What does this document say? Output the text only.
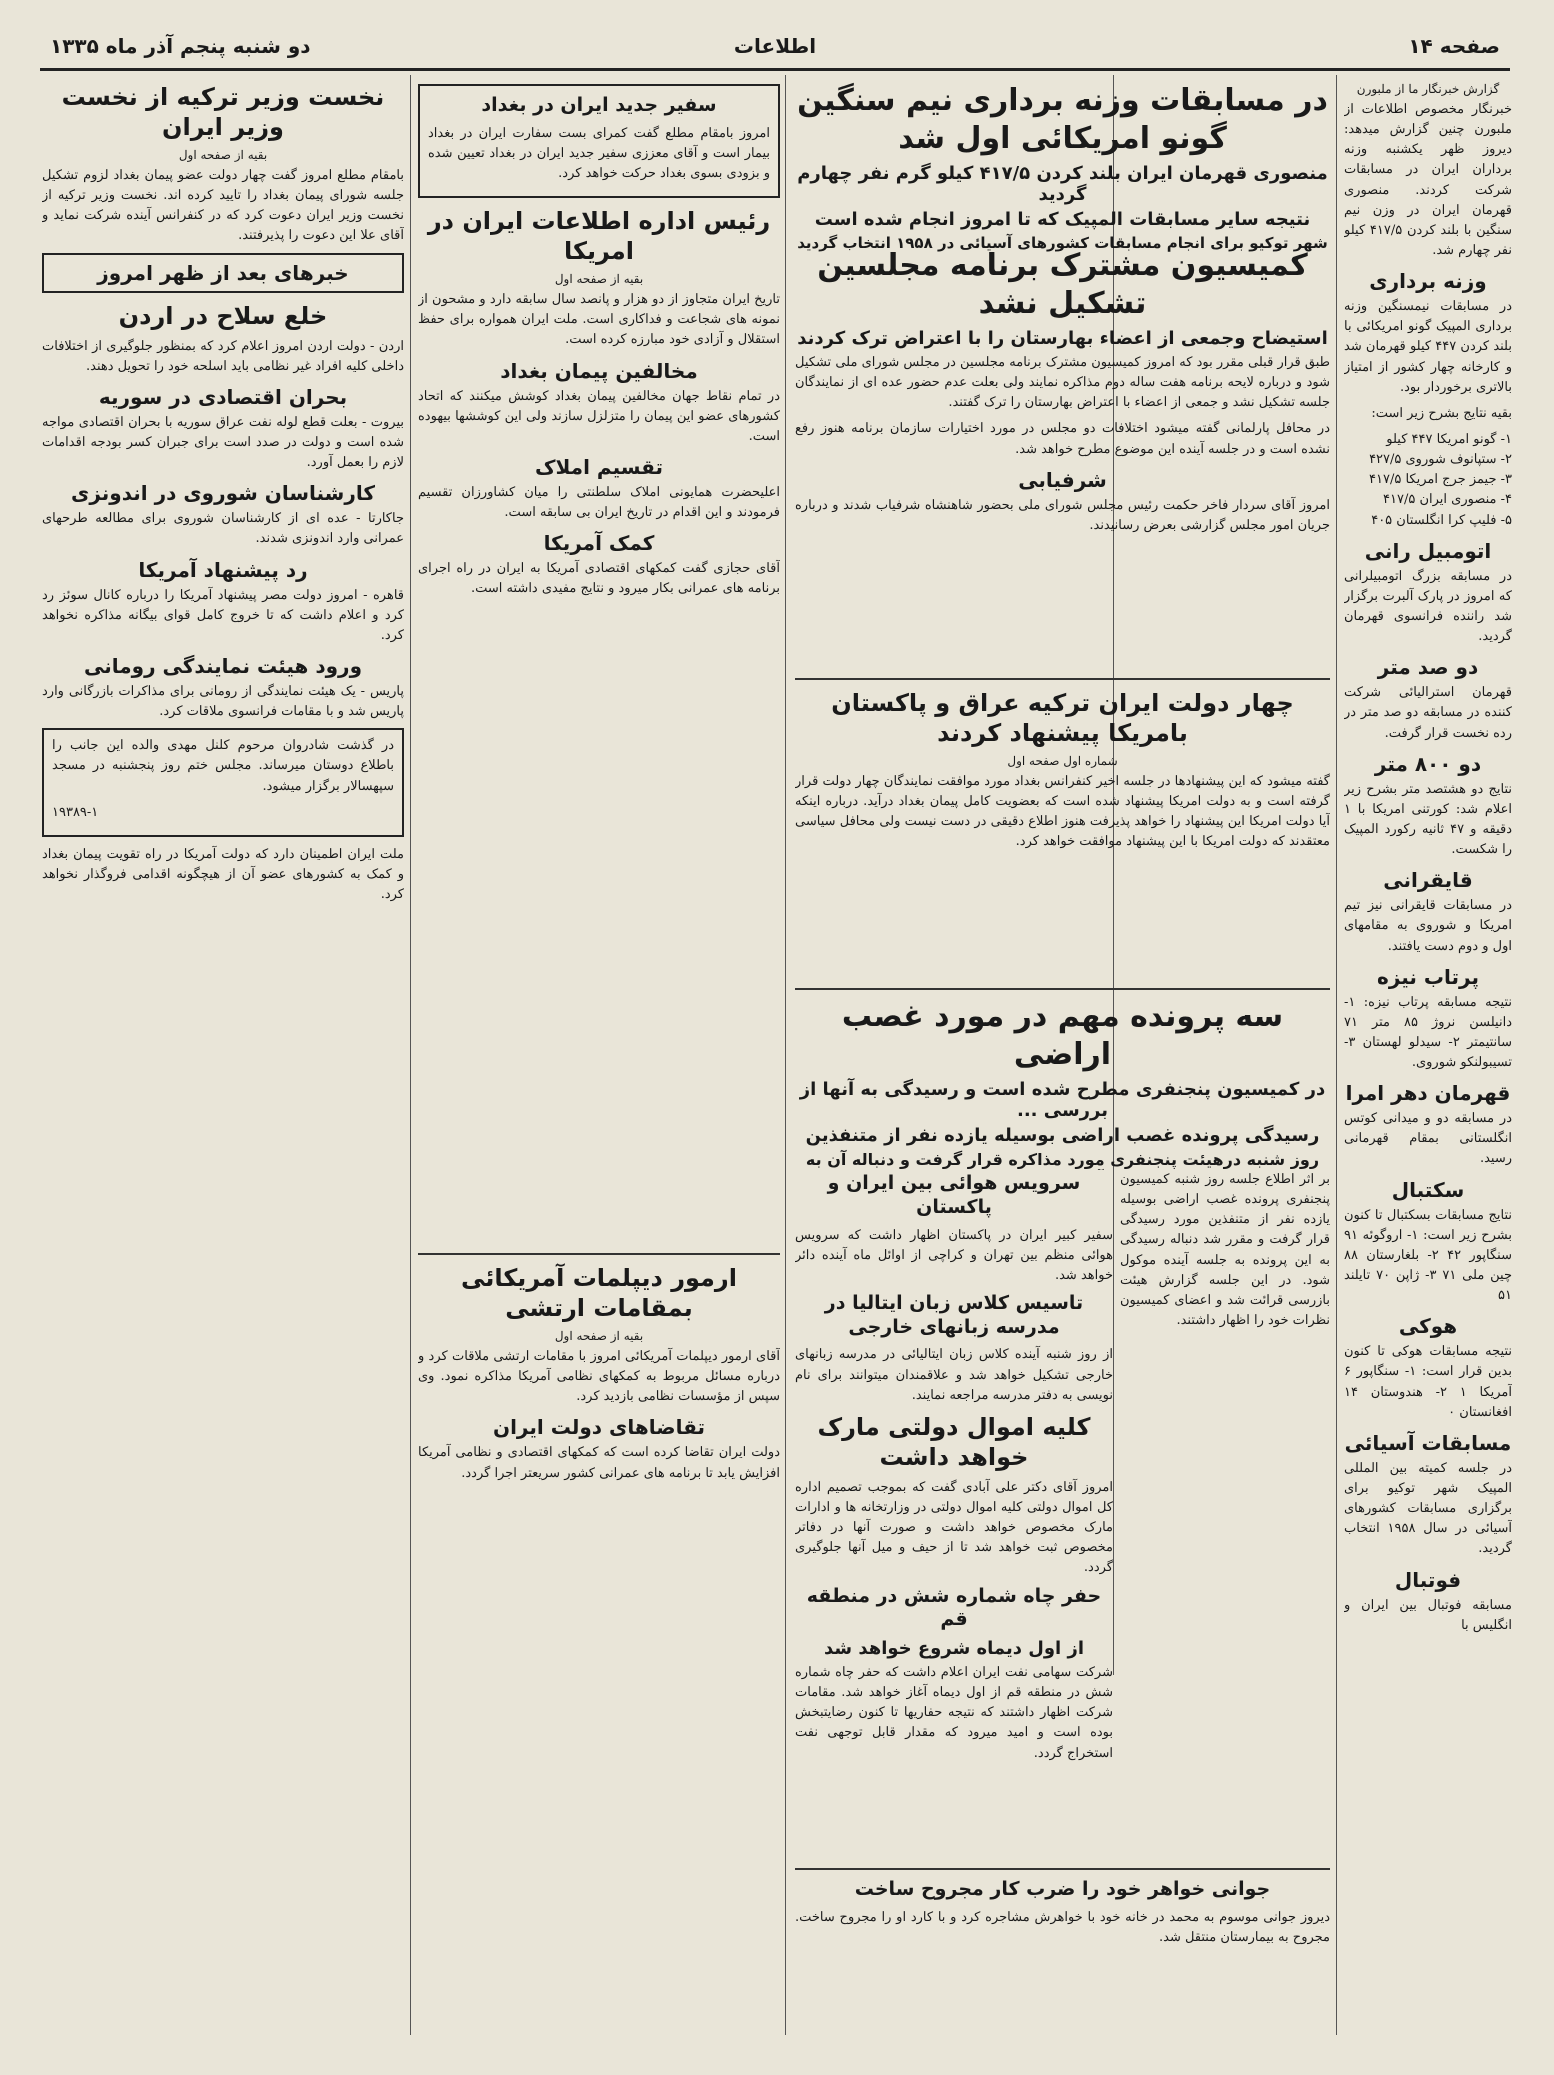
صفحه ۱۴
اطلاعات
دو شنبه پنجم آذر ماه ۱۳۳۵
گزارش خبرنگار ما از ملبورن
خبرنگار مخصوص اطلاعات از ملبورن چنین گزارش میدهد: دیروز ظهر یکشنبه وزنه برداران ایران در مسابقات شرکت کردند. منصوری قهرمان ایران در وزن نیم سنگین با بلند کردن ۴۱۷/۵ کیلو نفر چهارم شد.
وزنه برداری
در مسابقات نیمسنگین وزنه برداری المپیک گونو امریکائی با بلند کردن ۴۴۷ کیلو قهرمان شد و کارخانه چهار کشور از امتیاز بالاتری برخوردار بود.
بقیه نتایج بشرح زیر است:
۱- گونو امریکا ۴۴۷ کیلو
۲- ستپانوف شوروی ۴۲۷/۵
۳- جیمز جرج امریکا ۴۱۷/۵
۴- منصوری ایران ۴۱۷/۵
۵- فلیپ کرا انگلستان ۴۰۵
اتومبیل رانی
در مسابقه بزرگ اتومبیلرانی که امروز در پارک آلبرت برگزار شد راننده فرانسوی قهرمان گردید.
دو صد متر
قهرمان استرالیائی شرکت کننده در مسابقه دو صد متر در رده نخست قرار گرفت.
دو ۸۰۰ متر
نتایج دو هشتصد متر بشرح زیر اعلام شد: کورتنی امریکا با ۱ دقیقه و ۴۷ ثانیه رکورد المپیک را شکست.
قایقرانی
در مسابقات قایقرانی نیز تیم امریکا و شوروی به مقامهای اول و دوم دست یافتند.
پرتاب نیزه
نتیجه مسابقه پرتاب نیزه: ۱- دانیلسن نروژ ۸۵ متر ۷۱ سانتیمتر ۲- سیدلو لهستان ۳- تسیبولنکو شوروی.
قهرمان دهر امرا
در مسابقه دو و میدانی کوتس انگلستانی بمقام قهرمانی رسید.
سکتبال
نتایج مسابقات بسکتبال تا کنون بشرح زیر است: ۱- اروگوئه ۹۱ سنگاپور ۴۲ ۲- بلغارستان ۸۸ چین ملی ۷۱ ۳- ژاپن ۷۰ تایلند ۵۱
هوکی
نتیجه مسابقات هوکی تا کنون بدین قرار است: ۱- سنگاپور ۶ آمریکا ۱ ۲- هندوستان ۱۴ افغانستان ۰
مسابقات آسیائی
در جلسه کمیته بین المللی المپیک شهر توکیو برای برگزاری مسابقات کشورهای آسیائی در سال ۱۹۵۸ انتخاب گردید.
فوتبال
مسابقه فوتبال بین ایران و انگلیس با
در مسابقات وزنه برداری نیم سنگین گونو امریکائی اول شد
منصوری قهرمان ایران بلند کردن ۴۱۷/۵ کیلو گرم نفر چهارم گردید
نتیجه سایر مسابقات المپیک که تا امروز انجام شده است
شهر توکیو برای انجام مسابقات کشورهای آسیائی در ۱۹۵۸ انتخاب گردید
کمیسیون مشترک برنامه مجلسین تشکیل نشد
استیضاح وجمعی از اعضاء بهارستان را با اعتراض ترک کردند
طبق قرار قبلی مقرر بود که امروز کمیسیون مشترک برنامه مجلسین در مجلس شورای ملی تشکیل شود و درباره لایحه برنامه هفت ساله دوم مذاکره نمایند ولی بعلت عدم حضور عده ای از نمایندگان جلسه تشکیل نشد و جمعی از اعضاء با اعتراض بهارستان را ترک گفتند.
در محافل پارلمانی گفته میشود اختلافات دو مجلس در مورد اختیارات سازمان برنامه هنوز رفع نشده است و در جلسه آینده این موضوع مطرح خواهد شد.
شرفیابی
امروز آقای سردار فاخر حکمت رئیس مجلس شورای ملی بحضور شاهنشاه شرفیاب شدند و درباره جریان امور مجلس گزارشی بعرض رسانیدند.
چهار دولت ایران ترکیه عراق و پاکستان بامریکا پیشنهاد کردند
شماره اول صفحه اول
گفته میشود که این پیشنهادها در جلسه اخیر کنفرانس بغداد مورد موافقت نمایندگان چهار دولت قرار گرفته است و به دولت امریکا پیشنهاد شده است که بعضویت کامل پیمان بغداد درآید. درباره اینکه آیا دولت امریکا این پیشنهاد را خواهد پذیرفت هنوز اطلاع دقیقی در دست نیست ولی محافل سیاسی معتقدند که دولت امریکا با این پیشنهاد موافقت خواهد کرد.
سه پرونده مهم در مورد غصب اراضی
در کمیسیون پنجنفری مطرح شده است و رسیدگی به آنها از بررسی ...
رسیدگی پرونده غصب اراضی بوسیله یازده نفر از متنفذین
روز شنبه درهیئت پنجنفری مورد مذاکره قرار گرفت و دنباله آن به
بر اثر اطلاع جلسه روز شنبه کمیسیون پنجنفری پرونده غصب اراضی بوسیله یازده نفر از متنفذین مورد رسیدگی قرار گرفت و مقرر شد دنباله رسیدگی به این پرونده به جلسه آینده موکول شود. در این جلسه گزارش هیئت بازرسی قرائت شد و اعضای کمیسیون نظرات خود را اظهار داشتند.
سرویس هوائی بین ایران و پاکستان
سفیر کبیر ایران در پاکستان اظهار داشت که سرویس هوائی منظم بین تهران و کراچی از اوائل ماه آینده دائر خواهد شد.
تاسیس کلاس زبان ایتالیا در مدرسه زبانهای خارجی
از روز شنبه آینده کلاس زبان ایتالیائی در مدرسه زبانهای خارجی تشکیل خواهد شد و علاقمندان میتوانند برای نام نویسی به دفتر مدرسه مراجعه نمایند.
کلیه اموال دولتی مارک خواهد داشت
امروز آقای دکتر علی آبادی گفت که بموجب تصمیم اداره کل اموال دولتی کلیه اموال دولتی در وزارتخانه ها و ادارات مارک مخصوص خواهد داشت و صورت آنها در دفاتر مخصوص ثبت خواهد شد تا از حیف و میل آنها جلوگیری گردد.
حفر چاه شماره شش در منطقه قم
از اول دیماه شروع خواهد شد
شرکت سهامی نفت ایران اعلام داشت که حفر چاه شماره شش در منطقه قم از اول دیماه آغاز خواهد شد. مقامات شرکت اظهار داشتند که نتیجه حفاریها تا کنون رضایتبخش بوده است و امید میرود که مقدار قابل توجهی نفت استخراج گردد.
جوانی خواهر خود را ضرب کار مجروح ساخت
دیروز جوانی موسوم به محمد در خانه خود با خواهرش مشاجره کرد و با کارد او را مجروح ساخت. مجروح به بیمارستان منتقل شد.
سفیر جدید ایران در بغداد
امروز بامقام مطلع گفت کمرای بست سفارت ایران در بغداد بیمار است و آقای معززی سفیر جدید ایران در بغداد تعیین شده و بزودی بسوی بغداد حرکت خواهد کرد.
رئیس اداره اطلاعات ایران در امریکا
بقیه از صفحه اول
تاریخ ایران متجاوز از دو هزار و پانصد سال سابقه دارد و مشحون از نمونه های شجاعت و فداکاری است. ملت ایران همواره برای حفظ استقلال و آزادی خود مبارزه کرده است.
مخالفین پیمان بغداد
در تمام نقاط جهان مخالفین پیمان بغداد کوشش میکنند که اتحاد کشورهای عضو این پیمان را متزلزل سازند ولی این کوششها بیهوده است.
تقسیم املاک
اعلیحضرت همایونی املاک سلطنتی را میان کشاورزان تقسیم فرمودند و این اقدام در تاریخ ایران بی سابقه است.
کمک آمریکا
آقای حجازی گفت کمکهای اقتصادی آمریکا به ایران در راه اجرای برنامه های عمرانی بکار میرود و نتایج مفیدی داشته است.
ارمور دیپلمات آمریکائی بمقامات ارتشی
بقیه از صفحه اول
آقای ارمور دیپلمات آمریکائی امروز با مقامات ارتشی ملاقات کرد و درباره مسائل مربوط به کمکهای نظامی آمریکا مذاکره نمود. وی سپس از مؤسسات نظامی بازدید کرد.
تقاضاهای دولت ایران
دولت ایران تقاضا کرده است که کمکهای اقتصادی و نظامی آمریکا افزایش یابد تا برنامه های عمرانی کشور سریعتر اجرا گردد.
نخست وزیر ترکیه از نخست وزیر ایران
بقیه از صفحه اول
بامقام مطلع امروز گفت چهار دولت عضو پیمان بغداد لزوم تشکیل جلسه شورای پیمان بغداد را تایید کرده اند. نخست وزیر ترکیه از نخست وزیر ایران دعوت کرد که در کنفرانس آینده شرکت نماید و آقای علا این دعوت را پذیرفتند.
خبرهای بعد از ظهر امروز
خلع سلاح در اردن
اردن - دولت اردن امروز اعلام کرد که بمنظور جلوگیری از اختلافات داخلی کلیه افراد غیر نظامی باید اسلحه خود را تحویل دهند.
بحران اقتصادی در سوریه
بیروت - بعلت قطع لوله نفت عراق سوریه با بحران اقتصادی مواجه شده است و دولت در صدد است برای جبران کسر بودجه اقدامات لازم را بعمل آورد.
کارشناسان شوروی در اندونزی
جاکارتا - عده ای از کارشناسان شوروی برای مطالعه طرحهای عمرانی وارد اندونزی شدند.
رد پیشنهاد آمریکا
قاهره - امروز دولت مصر پیشنهاد آمریکا را درباره کانال سوئز رد کرد و اعلام داشت که تا خروج کامل قوای بیگانه مذاکره نخواهد کرد.
ورود هیئت نمایندگی رومانی
پاریس - یک هیئت نمایندگی از رومانی برای مذاکرات بازرگانی وارد پاریس شد و با مقامات فرانسوی ملاقات کرد.
در گذشت شادروان مرحوم کلنل مهدی والده این جانب را باطلاع دوستان میرساند. مجلس ختم روز پنجشنبه در مسجد سپهسالار برگزار میشود.
۱۹۳۸۹-۱
ملت ایران اطمینان دارد که دولت آمریکا در راه تقویت پیمان بغداد و کمک به کشورهای عضو آن از هیچگونه اقدامی فروگذار نخواهد کرد.
